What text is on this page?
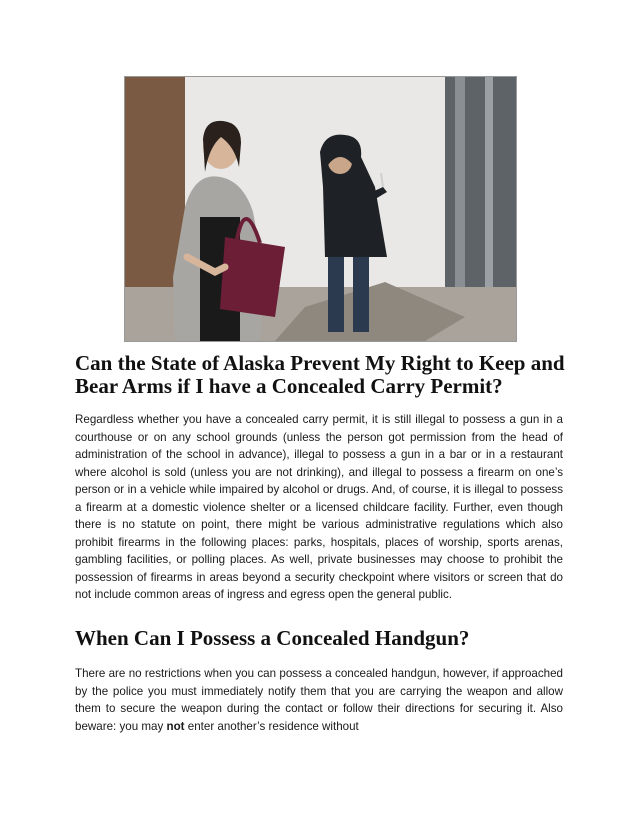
Can the State of Alaska Prevent My Right to Keep and Bear Arms if I have a Concealed Carry Permit?

Regardless whether you have a concealed carry permit, it is still illegal to possess a gun in a courthouse or on any school grounds (unless the person got permission from the head of administration of the school in advance), illegal to possess a gun in a bar or in a restaurant where alcohol is sold (unless you are not drinking), and illegal to possess a firearm on one’s person or in a vehicle while impaired by alcohol or drugs. And, of course, it is illegal to possess a firearm at a domestic violence shelter or a licensed childcare facility. Further, even though there is no statute on point, there might be various administrative regulations which also prohibit firearms in the following places: parks, hospitals, places of worship, sports arenas, gambling facilities, or polling places. As well, private businesses may choose to prohibit the possession of firearms in areas beyond a security checkpoint where visitors or screen that do not include common areas of ingress and egress open the general public.

When Can I Possess a Concealed Handgun?

There are no restrictions when you can possess a concealed handgun, however, if approached by the police you must immediately notify them that you are carrying the weapon and allow them to secure the weapon during the contact or follow their directions for securing it. Also beware: you may not enter another’s residence without
